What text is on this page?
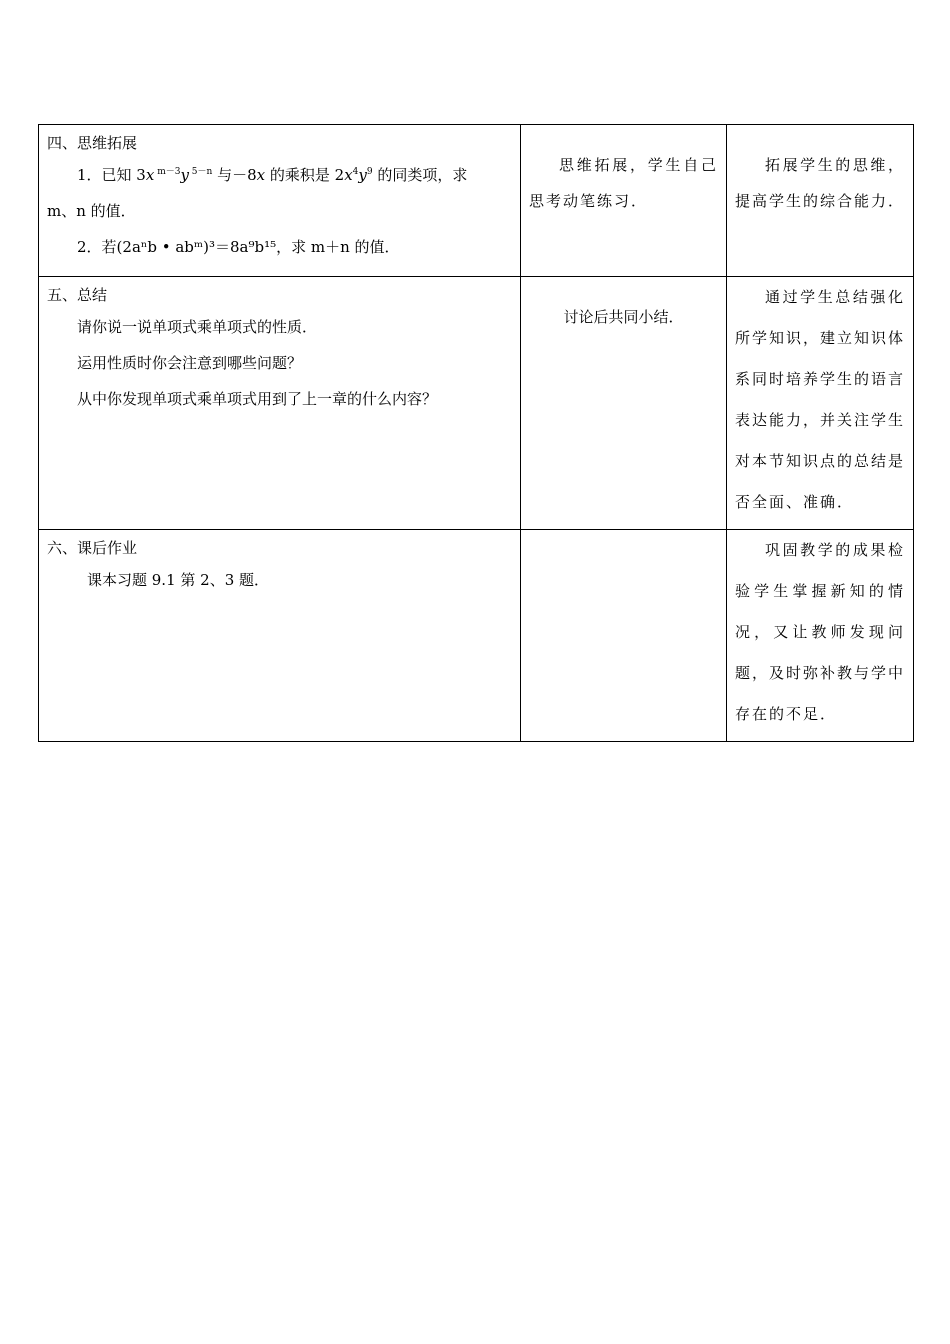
四、思维拓展
1．已知 3x $^{m-3}$y $^{5-n}$ 与－8x 的乘积是 $2x^4y^9$ 的同类项，求
m、n 的值．
2．若(2aⁿb • abᵐ)³＝8a⁹b¹⁵，求 m＋n 的值．	思维拓展，学生自己思考动笔练习．	拓展学生的思维，提高学生的综合能力．

五、总结
请你说一说单项式乘单项式的性质．
运用性质时你会注意到哪些问题？
从中你发现单项式乘单项式用到了上一章的什么内容？	讨论后共同小结．	通过学生总结强化所学知识，建立知识体系同时培养学生的语言表达能力，并关注学生对本节知识点的总结是否全面、准确．

六、课后作业
课本习题 9.1 第 2、3 题．		巩固教学的成果检验学生掌握新知的情况，又让教师发现问题，及时弥补教与学中存在的不足．
